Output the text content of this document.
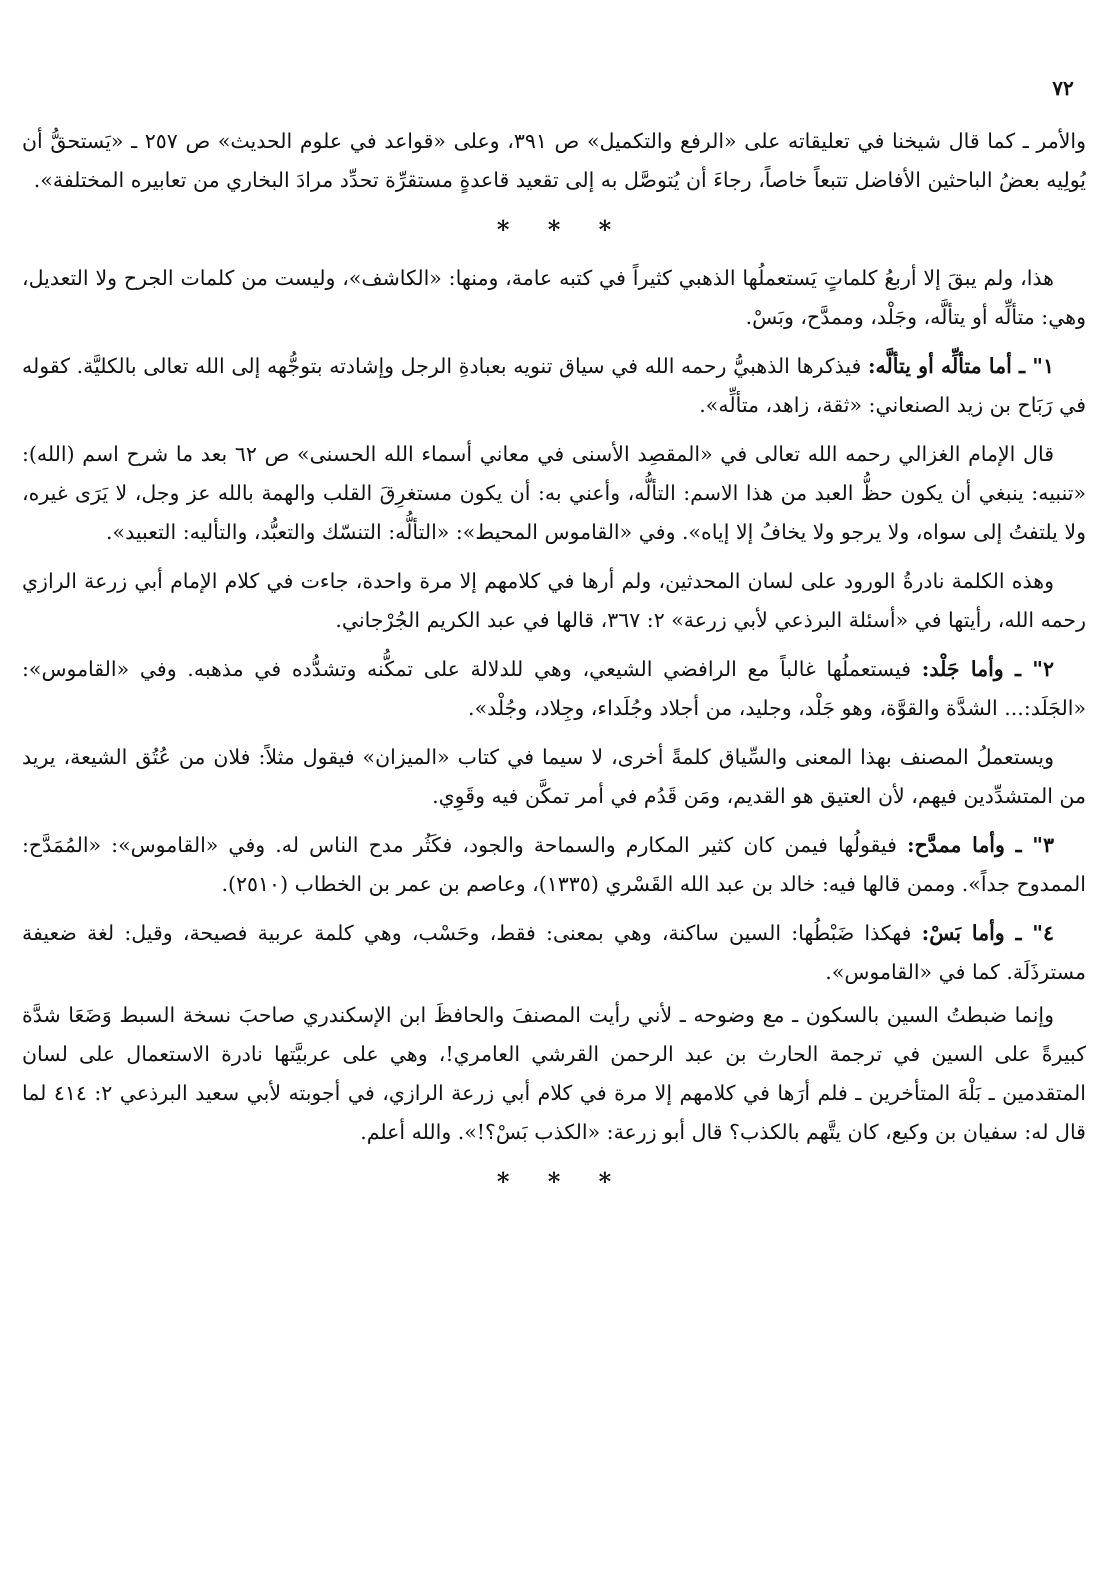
٧٢

والأمر ـ كما قال شيخنا في تعليقاته على «الرفع والتكميل» ص ٣٩١، وعلى «قواعد في علوم الحديث» ص ٢٥٧ ـ «يَستحقُّ أن يُولِيه بعضُ الباحثين الأفاضل تتبعاً خاصاً، رجاءَ أن يُتوصَّل به إلى تقعيد قاعدةٍ مستقرِّة تحدِّد مرادَ البخاري من تعابيره المختلفة».

* * *

هذا، ولم يبقَ إلا أربعُ كلماتٍ يَستعملُها الذهبي كثيراً في كتبه عامة، ومنها: «الكاشف»، وليست من كلمات الجرح ولا التعديل، وهي: متألِّه أو يتألَّه، وجَلْد، وممدَّح، وبَسْ.

١" ـ أما متألِّه أو يتألَّه: فيذكرها الذهبيُّ رحمه الله في سياق تنويه بعبادةِ الرجل وإشادته بتوجُّهه إلى الله تعالى بالكليَّة. كقوله في رَبَاح بن زيد الصنعاني: «ثقة، زاهد، متألِّه».

قال الإمام الغزالي رحمه الله تعالى في «المقصِد الأسنى في معاني أسماء الله الحسنى» ص ٦٢ بعد ما شرح اسم (الله): «تنبيه: ينبغي أن يكون حظُّ العبد من هذا الاسم: التألُّه، وأعني به: أن يكون مستغرِقَ القلب والهمة بالله عز وجل، لا يَرَى غيره، ولا يلتفتُ إلى سواه، ولا يرجو ولا يخافُ إلا إياه». وفي «القاموس المحيط»: «التألُّه: التنسّك والتعبُّد، والتأليه: التعبيد».

وهذه الكلمة نادرةُ الورود على لسان المحدثين، ولم أرها في كلامهم إلا مرة واحدة، جاءت في كلام الإمام أبي زرعة الرازي رحمه الله، رأيتها في «أسئلة البرذعي لأبي زرعة» ٢: ٣٦٧، قالها في عبد الكريم الجُرْجاني.

٢" ـ وأما جَلْد: فيستعملُها غالباً مع الرافضي الشيعي، وهي للدلالة على تمكُّنه وتشدُّده في مذهبه. وفي «القاموس»: «الجَلَد:... الشدَّة والقوَّة، وهو جَلْد، وجليد، من أجلاد وجُلَداء، وجِلاد، وجُلْد».

ويستعملُ المصنف بهذا المعنى والسِّياق كلمةً أخرى، لا سيما في كتاب «الميزان» فيقول مثلاً: فلان من عُتُق الشيعة، يريد من المتشدِّدين فيهم، لأن العتيق هو القديم، ومَن قَدُم في أمر تمكَّن فيه وقَوِي.

٣" ـ وأما ممدَّح: فيقولُها فيمن كان كثير المكارم والسماحة والجود، فكَثُر مدح الناس له. وفي «القاموس»: «المُمَدَّح: الممدوح جداً». وممن قالها فيه: خالد بن عبد الله القَسْري (١٣٣٥)، وعاصم بن عمر بن الخطاب (٢٥١٠).

٤" ـ وأما بَسْ: فهكذا ضَبْطُها: السين ساكنة، وهي بمعنى: فقط، وحَسْب، وهي كلمة عربية فصيحة، وقيل: لغة ضعيفة مسترذَلَة. كما في «القاموس».

وإنما ضبطتُ السين بالسكون ـ مع وضوحه ـ لأني رأيت المصنفَ والحافظَ ابن الإسكندري صاحبَ نسخة السبط وَضَعَا شدَّة كبيرةً على السين في ترجمة الحارث بن عبد الرحمن القرشي العامري!، وهي على عربيَّتها نادرة الاستعمال على لسان المتقدمين ـ بَلْهَ المتأخرين ـ فلم أرَها في كلامهم إلا مرة في كلام أبي زرعة الرازي، في أجوبته لأبي سعيد البرذعي ٢: ٤١٤ لما قال له: سفيان بن وكيع، كان يتَّهم بالكذب؟ قال أبو زرعة: «الكذب بَسْ؟!». والله أعلم.

* * *
